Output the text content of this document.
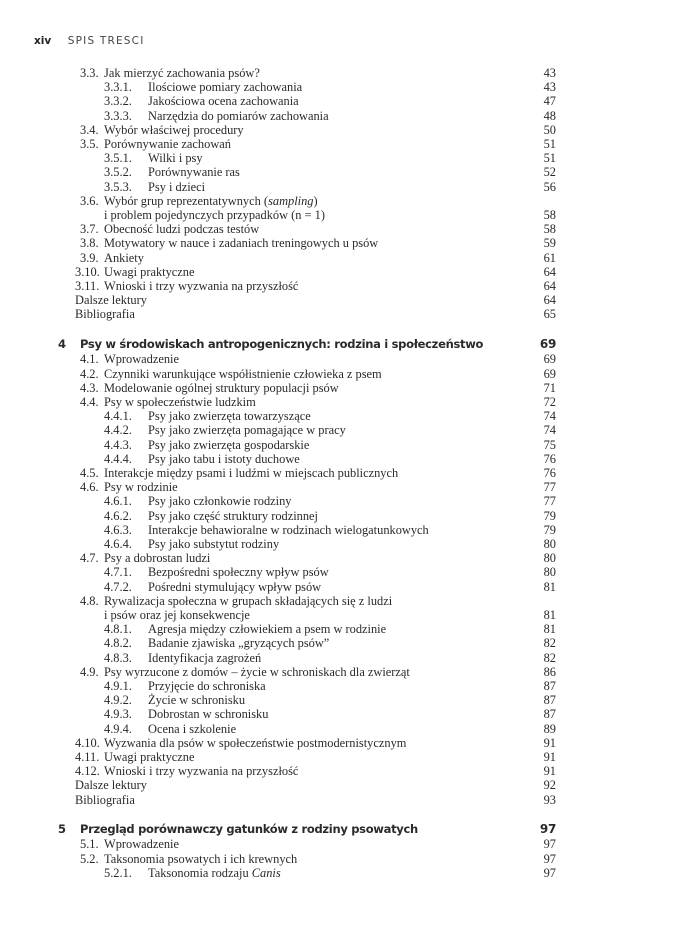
xiv SPIS TRESCI
3.3. Jak mierzyć zachowania psów?	43
3.3.1. Ilościowe pomiary zachowania	43
3.3.2. Jakościowa ocena zachowania	47
3.3.3. Narzędzia do pomiarów zachowania	48
3.4. Wybór właściwej procedury	50
3.5. Porównywanie zachowań	51
3.5.1. Wilki i psy	51
3.5.2. Porównywanie ras	52
3.5.3. Psy i dzieci	56
3.6. Wybór grup reprezentatywnych (sampling)
i problem pojedynczych przypadków (n = 1)	58
3.7. Obecność ludzi podczas testów	58
3.8. Motywatory w nauce i zadaniach treningowych u psów	59
3.9. Ankiety	61
3.10. Uwagi praktyczne	64
3.11. Wnioski i trzy wyzwania na przyszłość	64
Dalsze lektury	64
Bibliografia	65
4 Psy w środowiskach antropogenicznych: rodzina i społeczeństwo	69
4.1. Wprowadzenie	69
4.2. Czynniki warunkujące współistnienie człowieka z psem	69
4.3. Modelowanie ogólnej struktury populacji psów	71
4.4. Psy w społeczeństwie ludzkim	72
4.4.1. Psy jako zwierzęta towarzyszące	74
4.4.2. Psy jako zwierzęta pomagające w pracy	74
4.4.3. Psy jako zwierzęta gospodarskie	75
4.4.4. Psy jako tabu i istoty duchowe	76
4.5. Interakcje między psami i ludźmi w miejscach publicznych	76
4.6. Psy w rodzinie	77
4.6.1. Psy jako członkowie rodziny	77
4.6.2. Psy jako część struktury rodzinnej	79
4.6.3. Interakcje behawioralne w rodzinach wielogatunkowych	79
4.6.4. Psy jako substytut rodziny	80
4.7. Psy a dobrostan ludzi	80
4.7.1. Bezpośredni społeczny wpływ psów	80
4.7.2. Pośredni stymulujący wpływ psów	81
4.8. Rywalizacja społeczna w grupach składających się z ludzi
i psów oraz jej konsekwencje	81
4.8.1. Agresja między człowiekiem a psem w rodzinie	81
4.8.2. Badanie zjawiska „gryzących psów”	82
4.8.3. Identyfikacja zagrożeń	82
4.9. Psy wyrzucone z domów – życie w schroniskach dla zwierząt	86
4.9.1. Przyjęcie do schroniska	87
4.9.2. Życie w schronisku	87
4.9.3. Dobrostan w schronisku	87
4.9.4. Ocena i szkolenie	89
4.10. Wyzwania dla psów w społeczeństwie postmodernistycznym	91
4.11. Uwagi praktyczne	91
4.12. Wnioski i trzy wyzwania na przyszłość	91
Dalsze lektury	92
Bibliografia	93
5 Przegląd porównawczy gatunków z rodziny psowatych	97
5.1. Wprowadzenie	97
5.2. Taksonomia psowatych i ich krewnych	97
5.2.1. Taksonomia rodzaju Canis	97
